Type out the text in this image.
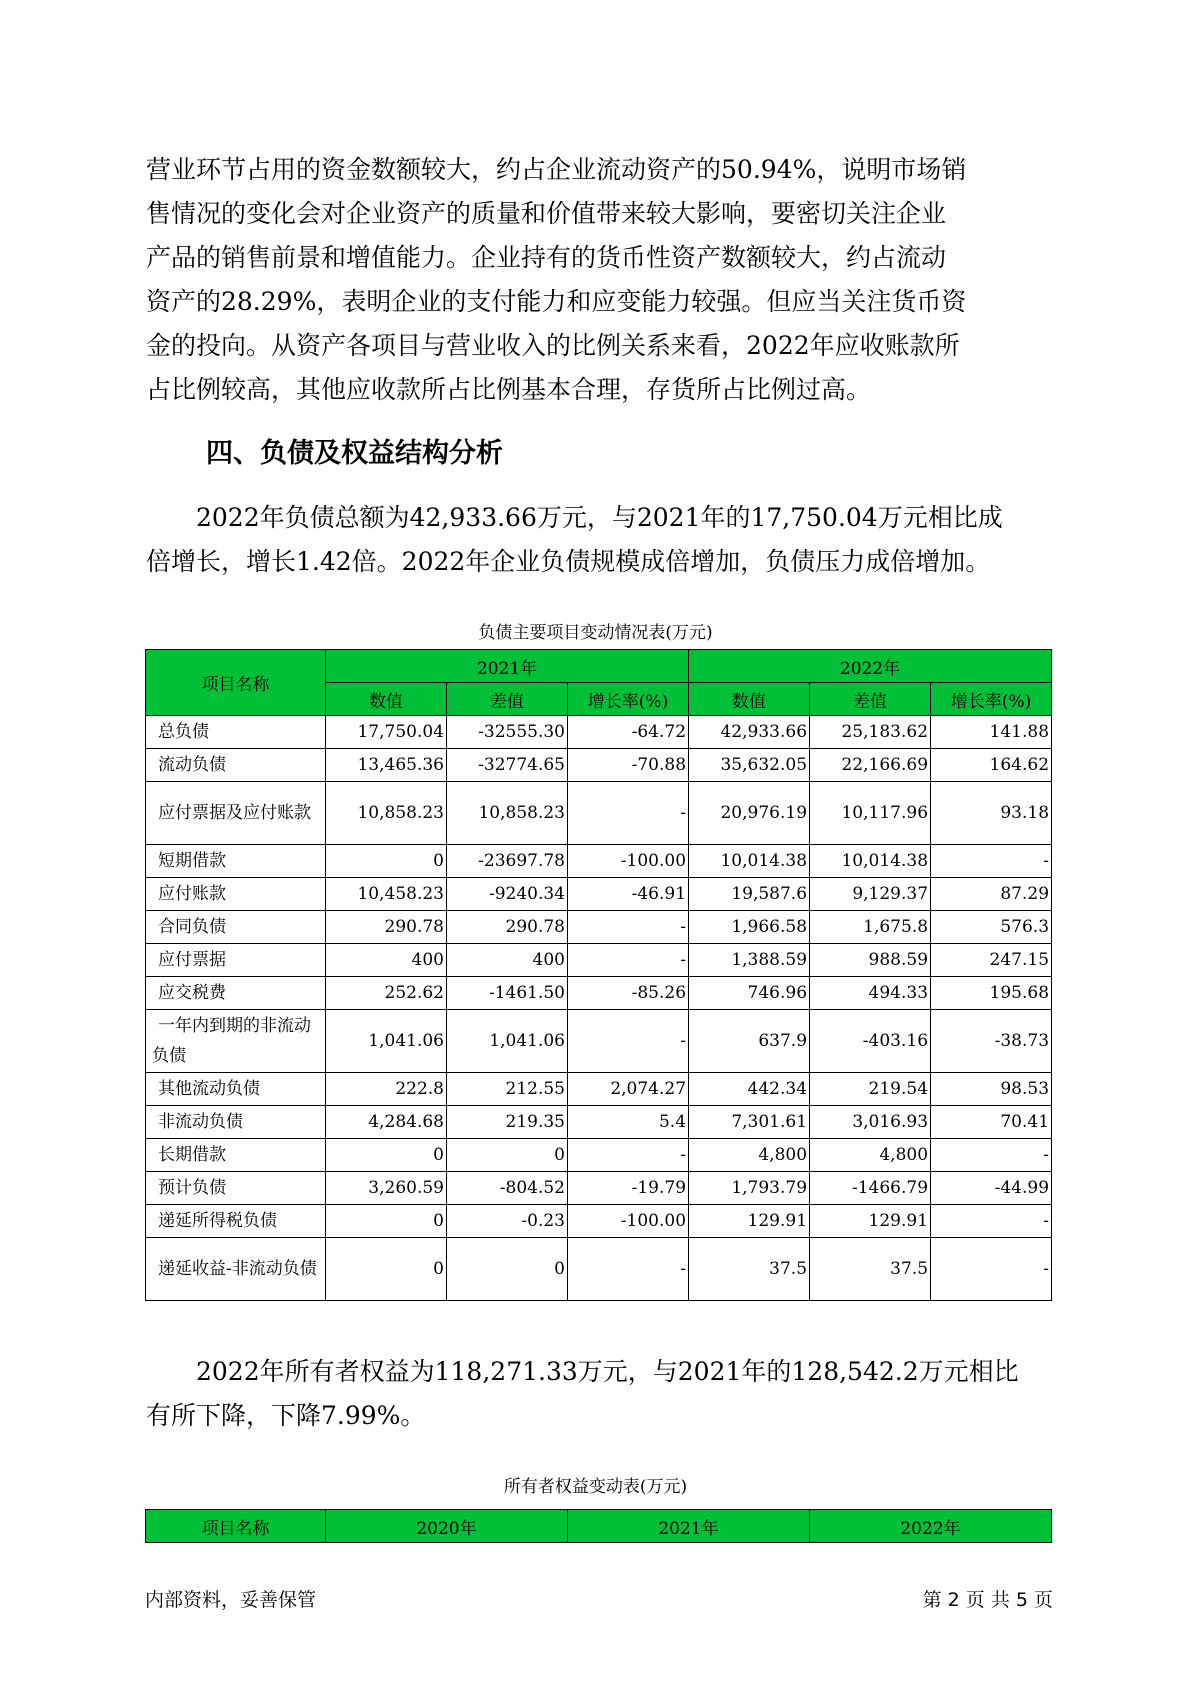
营业环节占用的资金数额较大，约占企业流动资产的50.94%，说明市场销
售情况的变化会对企业资产的质量和价值带来较大影响，要密切关注企业
产品的销售前景和增值能力。企业持有的货币性资产数额较大，约占流动
资产的28.29%，表明企业的支付能力和应变能力较强。但应当关注货币资
金的投向。从资产各项目与营业收入的比例关系来看，2022年应收账款所
占比例较高，其他应收款所占比例基本合理，存货所占比例过高。

四、负债及权益结构分析

2022年负债总额为42,933.66万元，与2021年的17,750.04万元相比成
倍增长，增长1.42倍。2022年企业负债规模成倍增加，负债压力成倍增加。

负债主要项目变动情况表(万元)
项目名称	2021年			2022年		
	数值	差值	增长率(%)	数值	差值	增长率(%)
总负债	17,750.04	-32555.30	-64.72	42,933.66	25,183.62	141.88
流动负债	13,465.36	-32774.65	-70.88	35,632.05	22,166.69	164.62
应付票据及应付账款	10,858.23	10,858.23	-	20,976.19	10,117.96	93.18
短期借款	0	-23697.78	-100.00	10,014.38	10,014.38	-
应付账款	10,458.23	-9240.34	-46.91	19,587.6	9,129.37	87.29
合同负债	290.78	290.78	-	1,966.58	1,675.8	576.3
应付票据	400	400	-	1,388.59	988.59	247.15
应交税费	252.62	-1461.50	-85.26	746.96	494.33	195.68
一年内到期的非流动负债	1,041.06	1,041.06	-	637.9	-403.16	-38.73
其他流动负债	222.8	212.55	2,074.27	442.34	219.54	98.53
非流动负债	4,284.68	219.35	5.4	7,301.61	3,016.93	70.41
长期借款	0	0	-	4,800	4,800	-
预计负债	3,260.59	-804.52	-19.79	1,793.79	-1466.79	-44.99
递延所得税负债	0	-0.23	-100.00	129.91	129.91	-
递延收益-非流动负债	0	0	-	37.5	37.5	-

2022年所有者权益为118,271.33万元，与2021年的128,542.2万元相比
有所下降，下降7.99%。

所有者权益变动表(万元)
项目名称	2020年	2021年	2022年
内部资料，妥善保管	第 2 页 共 5 页
